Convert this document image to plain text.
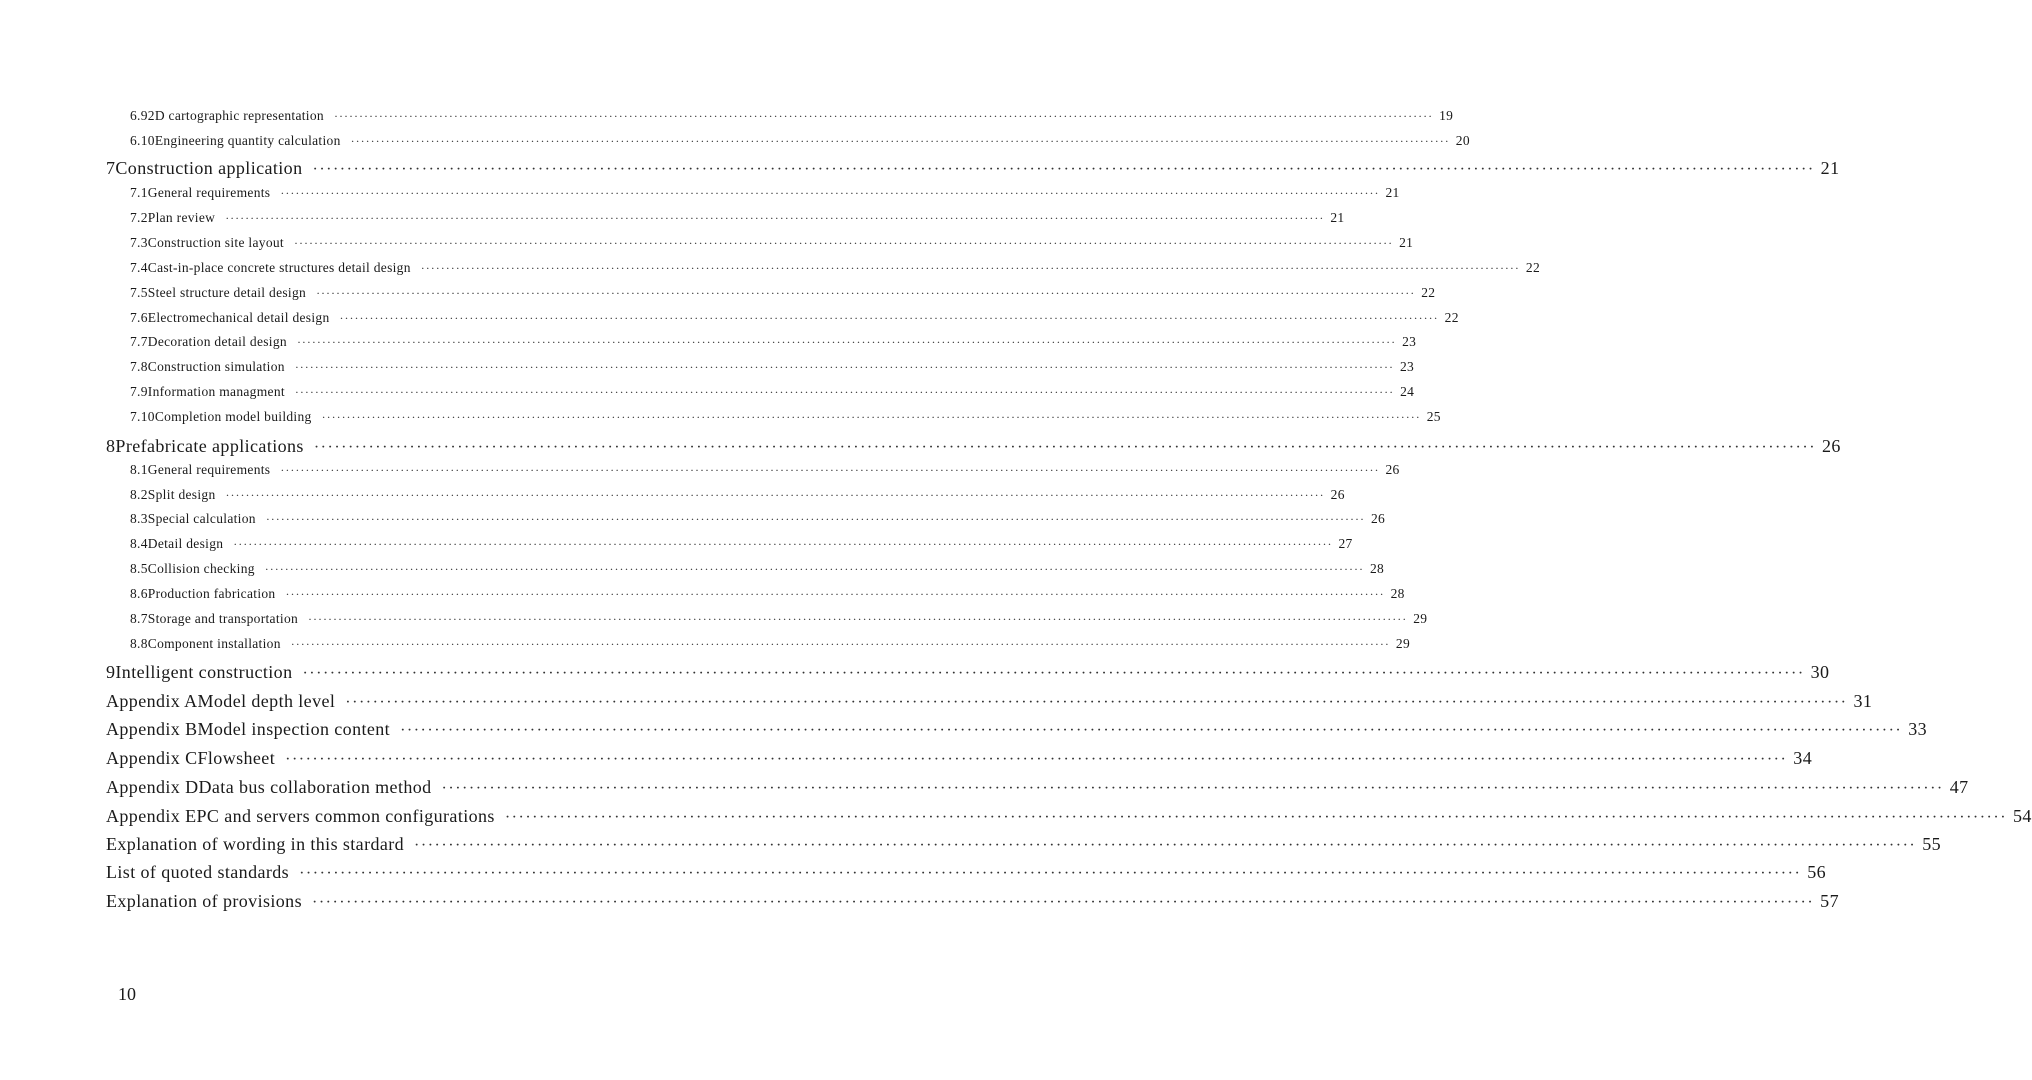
6.9 2D cartographic representation ···························································································································································································································· 19
6.10 Engineering quantity calculation ···························································································································································································································· 20
7 Construction application ···························································································································································································································· 21
7.1 General requirements ···························································································································································································································· 21
7.2 Plan review ···························································································································································································································· 21
7.3 Construction site layout ···························································································································································································································· 21
7.4 Cast-in-place concrete structures detail design ···························································································································································································································· 22
7.5 Steel structure detail design ···························································································································································································································· 22
7.6 Electromechanical detail design ···························································································································································································································· 22
7.7 Decoration detail design ···························································································································································································································· 23
7.8 Construction simulation ···························································································································································································································· 23
7.9 Information managment ···························································································································································································································· 24
7.10 Completion model building ···························································································································································································································· 25
8 Prefabricate applications ···························································································································································································································· 26
8.1 General requirements ···························································································································································································································· 26
8.2 Split design ···························································································································································································································· 26
8.3 Special calculation ···························································································································································································································· 26
8.4 Detail design ···························································································································································································································· 27
8.5 Collision checking ···························································································································································································································· 28
8.6 Production fabrication ···························································································································································································································· 28
8.7 Storage and transportation ···························································································································································································································· 29
8.8 Component installation ···························································································································································································································· 29
9 Intelligent construction ···························································································································································································································· 30
Appendix A Model depth level ···························································································································································································································· 31
Appendix B Model inspection content ···························································································································································································································· 33
Appendix C Flowsheet ···························································································································································································································· 34
Appendix D Data bus collaboration method ···························································································································································································································· 47
Appendix E PC and servers common configurations ···························································································································································································································· 54
Explanation of wording in this stardard ···························································································································································································································· 55
List of quoted standards ···························································································································································································································· 56
Explanation of provisions ···························································································································································································································· 57
10
